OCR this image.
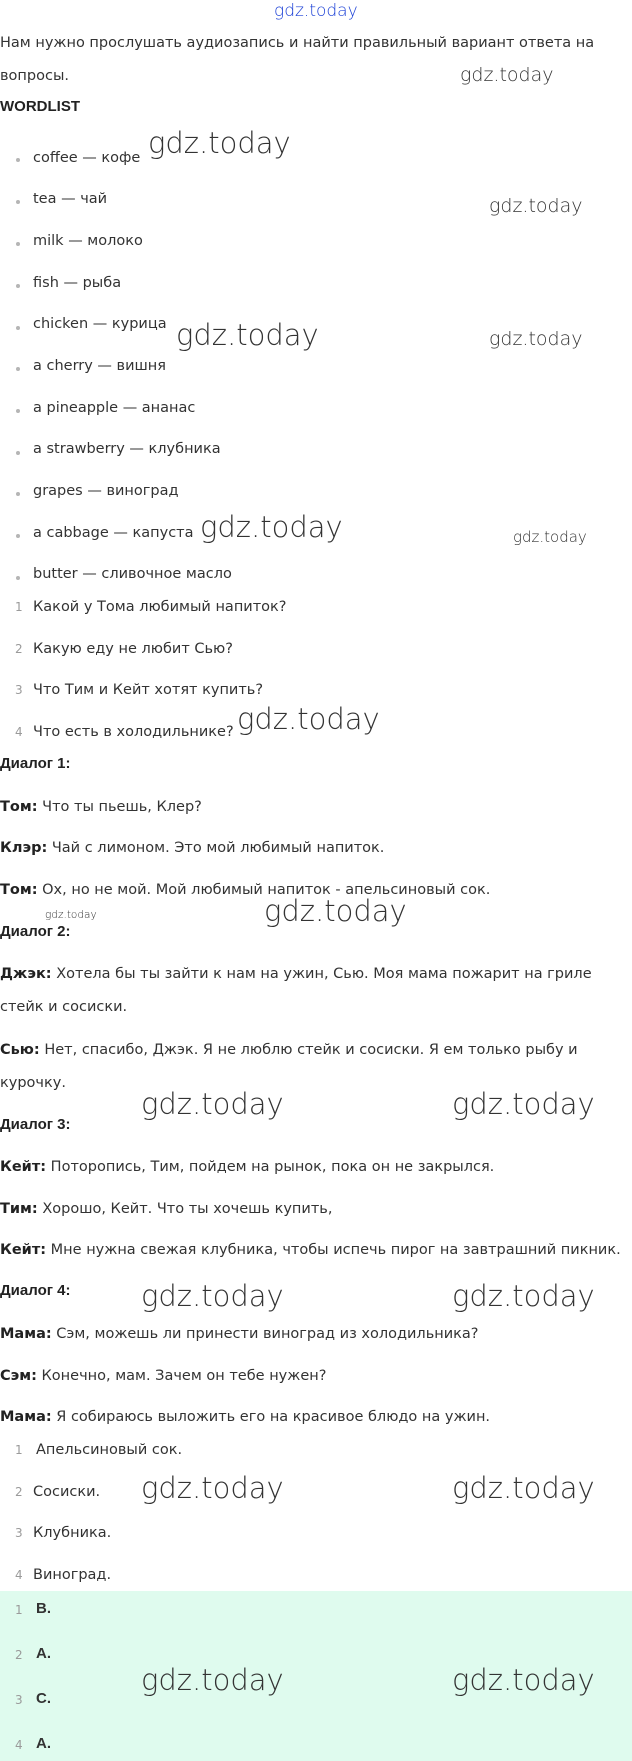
gdz.today
Нам нужно прослушать аудиозапись и найти правильный вариант ответа на
вопросы.
WORDLIST
coffee — кофе
tea — чай
milk — молоко
fish — рыба
chicken — курица
a cherry — вишня
a pineapple — ананас
a strawberry — клубника
grapes — виноград
a cabbage — капуста
butter — сливочное масло
1 Какой у Тома любимый напиток?
2 Какую еду не любит Сью?
3 Что Тим и Кейт хотят купить?
4 Что есть в холодильнике?
Диалог 1:
Том: Что ты пьешь, Клер?
Клэр: Чай с лимоном. Это мой любимый напиток.
Том: Ох, но не мой. Мой любимый напиток - апельсиновый сок.
Диалог 2:
Джэк: Хотела бы ты зайти к нам на ужин, Сью. Моя мама пожарит на гриле
стейк и сосиски.
Сью: Нет, спасибо, Джэк. Я не люблю стейк и сосиски. Я ем только рыбу и
курочку.
Диалог 3:
Кейт: Поторопись, Тим, пойдем на рынок, пока он не закрылся.
Тим: Хорошо, Кейт. Что ты хочешь купить,
Кейт: Мне нужна свежая клубника, чтобы испечь пирог на завтрашний пикник.
Диалог 4:
Мама: Сэм, можешь ли принести виноград из холодильника?
Сэм: Конечно, мам. Зачем он тебе нужен?
Мама: Я собираюсь выложить его на красивое блюдо на ужин.
1 Апельсиновый сок.
2 Сосиски.
3 Клубника.
4 Виноград.
1 B.
2 A.
3 C.
4 A.
gdz.today
gdz.today
gdz.today
gdz.today	gdz.today
gdz.today	gdz.today
gdz.today
gdz.today	gdz.today
gdz.today	gdz.today
gdz.today	gdz.today
gdz.today	gdz.today
gdz.today	gdz.today
